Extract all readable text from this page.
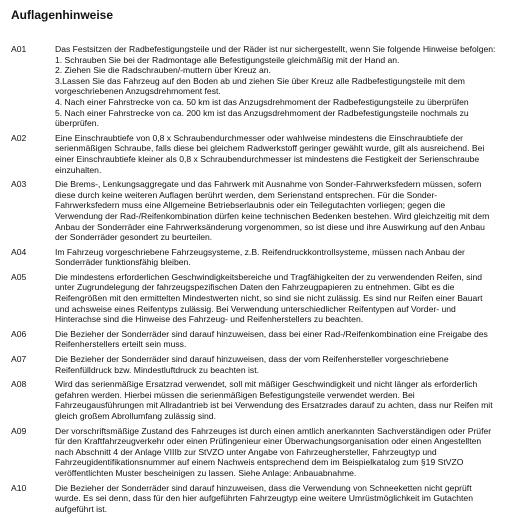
Auflagenhinweise
A01	Das Festsitzen der Radbefestigungsteile und der Räder ist nur sichergestellt, wenn Sie folgende Hinweise befolgen:
1. Schrauben Sie bei der Radmontage alle Befestigungsteile gleichmäßig mit der Hand an.
2. Ziehen Sie die Radschrauben/-muttern über Kreuz an.
3.Lassen Sie das Fahrzeug auf den Boden ab und ziehen Sie über Kreuz alle Radbefestigungsteile mit dem
vorgeschriebenen Anzugsdrehmoment fest.
4. Nach einer Fahrstrecke von ca. 50 km ist das Anzugsdrehmoment der Radbefestigungsteile zu überprüfen
5. Nach einer Fahrstrecke von ca. 200 km ist das Anzugsdrehmoment der Radbefestigungsteile nochmals zu
überprüfen.
A02	Eine Einschraubtiefe von 0,8 x Schraubendurchmesser oder wahlweise mindestens die Einschraubtiefe der
serienmäßigen Schraube, falls diese bei gleichem Radwerkstoff geringer gewählt wurde, gilt als ausreichend. Bei
einer Einschraubtiefe kleiner als 0,8 x Schraubendurchmesser ist mindestens die Festigkeit der Serienschraube
einzuhalten.
A03	Die Brems-, Lenkungsaggregate und das Fahrwerk mit Ausnahme von Sonder-Fahrwerksfedern müssen, sofern
diese durch keine weiteren Auflagen berührt werden, dem Serienstand entsprechen. Für die Sonder-
Fahrwerksfedern muss eine Allgemeine Betriebserlaubnis oder ein Teilegutachten vorliegen; gegen die
Verwendung der Rad-/Reifenkombination dürfen keine technischen Bedenken bestehen. Wird gleichzeitig mit dem
Anbau der Sonderräder eine Fahrwerksänderung vorgenommen, so ist diese und ihre Auswirkung auf den Anbau
der Sonderräder gesondert zu beurteilen.
A04	Im Fahrzeug vorgeschriebene Fahrzeugsysteme, z.B. Reifendruckkontrollsysteme, müssen nach Anbau der
Sonderräder funktionsfähig bleiben.
A05	Die mindestens erforderlichen Geschwindigkeitsbereiche und Tragfähigkeiten der zu verwendenden Reifen, sind
unter Zugrundelegung der fahrzeugspezifischen Daten den Fahrzeugpapieren zu entnehmen. Gibt es die
Reifengrößen mit den ermittelten Mindestwerten nicht, so sind sie nicht zulässig. Es sind nur Reifen einer Bauart
und achsweise eines Reifentyps zulässig. Bei Verwendung unterschiedlicher Reifentypen auf Vorder- und
Hinterachse sind die Hinweise des Fahrzeug- und Reifenherstellers zu beachten.
A06	Die Bezieher der Sonderräder sind darauf hinzuweisen, dass bei einer Rad-/Reifenkombination eine Freigabe des
Reifenherstellers erteilt sein muss.
A07	Die Bezieher der Sonderräder sind darauf hinzuweisen, dass der vom Reifenhersteller vorgeschriebene
Reifenfülldruck bzw. Mindestluftdruck zu beachten ist.
A08	Wird das serienmäßige Ersatzrad verwendet, soll mit mäßiger Geschwindigkeit und nicht länger als erforderlich
gefahren werden. Hierbei müssen die serienmäßigen Befestigungsteile verwendet werden. Bei
Fahrzeugausführungen mit Allradantrieb ist bei Verwendung des Ersatzrades darauf zu achten, dass nur Reifen mit
gleich großem Abrollumfang zulässig sind.
A09	Der vorschriftsmäßige Zustand des Fahrzeuges ist durch einen amtlich anerkannten Sachverständigen oder Prüfer
für den Kraftfahrzeugverkehr oder einen Prüfingenieur einer Überwachungsorganisation oder einen Angestellten
nach Abschnitt 4 der Anlage VIIIb zur StVZO unter Angabe von Fahrzeughersteller, Fahrzeugtyp und
Fahrzeugidentifikationsnummer auf einem Nachweis entsprechend dem im Beispielkatalog zum §19 StVZO
veröffentlichten Muster bescheinigen zu lassen. Siehe Anlage: Anbauabnahme.
A10	Die Bezieher der Sonderräder sind darauf hinzuweisen, dass die Verwendung von Schneeketten nicht geprüft
wurde. Es sei denn, dass für den hier aufgeführten Fahrzeugtyp eine weitere Umrüstmöglichkeit im Gutachten
aufgeführt ist.
